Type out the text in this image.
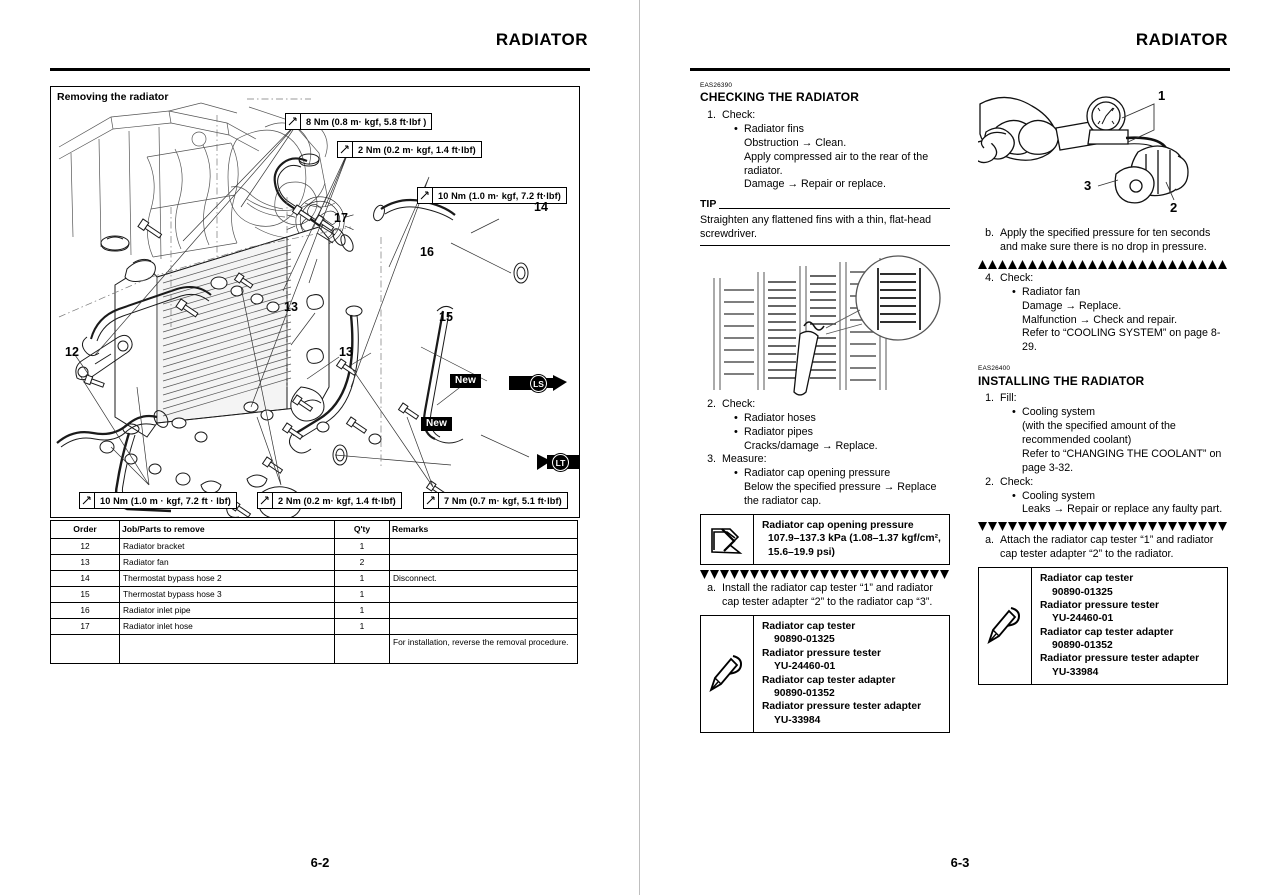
RADIATOR
Removing the radiator
8 Nm (0.8 m· kgf, 5.8 ft·lbf )
2 Nm (0.2 m· kgf, 1.4 ft·lbf)
10 Nm (1.0 m· kgf, 7.2 ft·lbf)
10 Nm (1.0 m · kgf, 7.2 ft · lbf)	2 Nm (0.2 m· kgf, 1.4 ft·lbf)	7 Nm (0.7 m· kgf, 5.1 ft·lbf)
New
New
LS
LT
12	13
13
14
15
16
17
Order	Job/Parts to remove	Q'ty	Remarks
12	Radiator bracket	1	
13	Radiator fan	2	
14	Thermostat bypass hose 2	1	Disconnect.
15	Thermostat bypass hose 3	1	
16	Radiator inlet pipe	1	
17	Radiator inlet hose	1	
			For installation, reverse the removal procedure.
6-2
RADIATOR
6-3
EAS26390
CHECKING THE RADIATOR
1. Check:
• Radiator fins
Obstruction → Clean.
Apply compressed air to the rear of the radiator.
Damage → Repair or replace.
TIP
Straighten any flattened fins with a thin, flat-head screwdriver.
2. Check:
• Radiator hoses
• Radiator pipes
Cracks/damage → Replace.
3. Measure:
• Radiator cap opening pressure
Below the specified pressure → Replace the radiator cap.
Radiator cap opening pressure
107.9–137.3 kPa (1.08–1.37 kgf/cm², 15.6–19.9 psi)
a. Install the radiator cap tester “1” and radiator cap tester adapter “2” to the radiator cap “3”.
Radiator cap tester
90890-01325
Radiator pressure tester
YU-24460-01
Radiator cap tester adapter
90890-01352
Radiator pressure tester adapter
YU-33984
1
3
2
b. Apply the specified pressure for ten seconds and make sure there is no drop in pressure.
4. Check:
• Radiator fan
Damage → Replace.
Malfunction → Check and repair.
Refer to “COOLING SYSTEM” on page 8-29.
EAS26400
INSTALLING THE RADIATOR
1. Fill:
• Cooling system
(with the specified amount of the recommended coolant)
Refer to “CHANGING THE COOLANT” on page 3-32.
2. Check:
• Cooling system
Leaks → Repair or replace any faulty part.
a. Attach the radiator cap tester “1” and radiator cap tester adapter “2” to the radiator.
Radiator cap tester
90890-01325
Radiator pressure tester
YU-24460-01
Radiator cap tester adapter
90890-01352
Radiator pressure tester adapter
YU-33984
